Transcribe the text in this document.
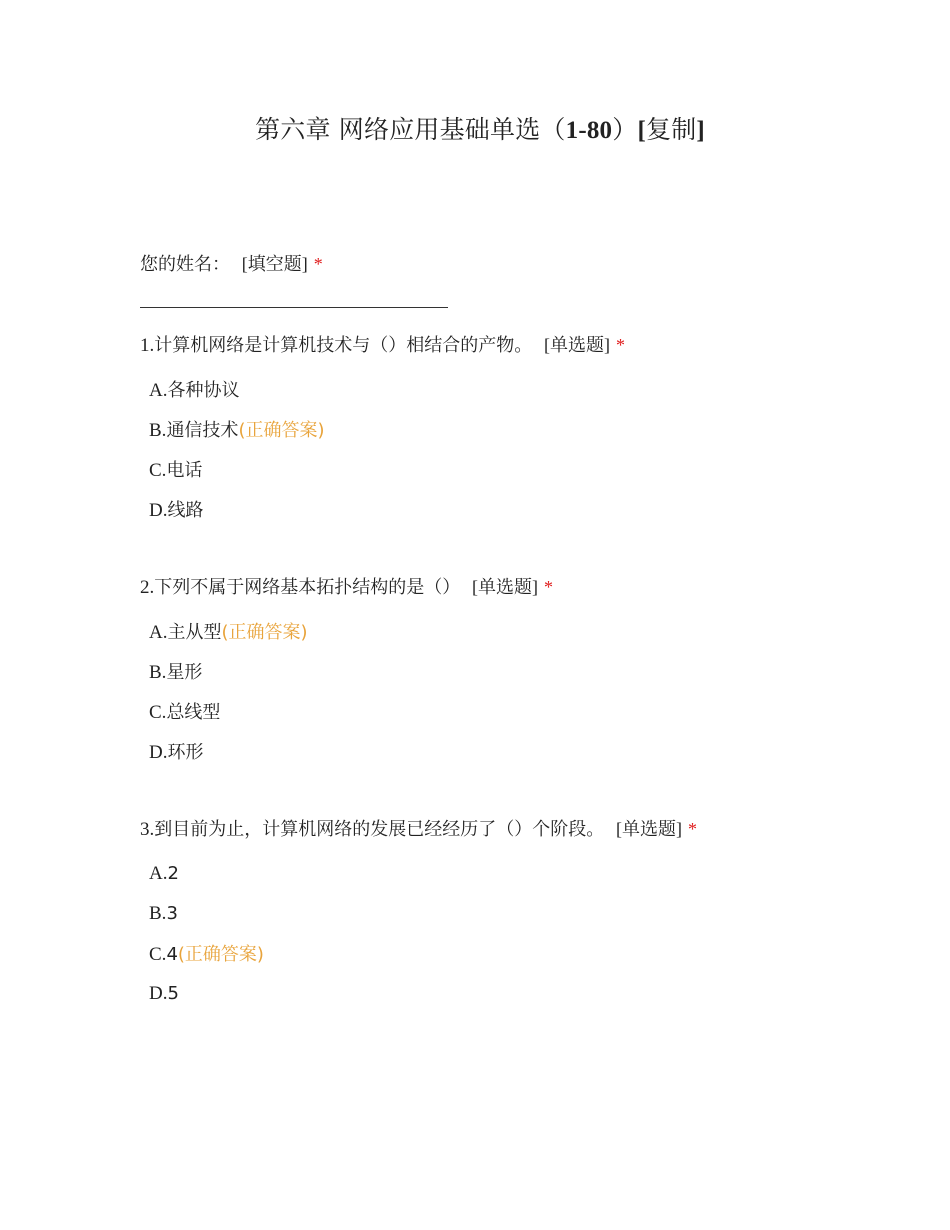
第六章 网络应用基础单选（1-80）[复制]
您的姓名： [填空题] *
1.计算机网络是计算机技术与（）相结合的产物。 [单选题] *
A.各种协议
B.通信技术(正确答案)
C.电话
D.线路
2.下列不属于网络基本拓扑结构的是（） [单选题] *
A.主从型(正确答案)
B.星形
C.总线型
D.环形
3.到目前为止，计算机网络的发展已经经历了（）个阶段。 [单选题] *
A.2
B.3
C.4(正确答案)
D.5
